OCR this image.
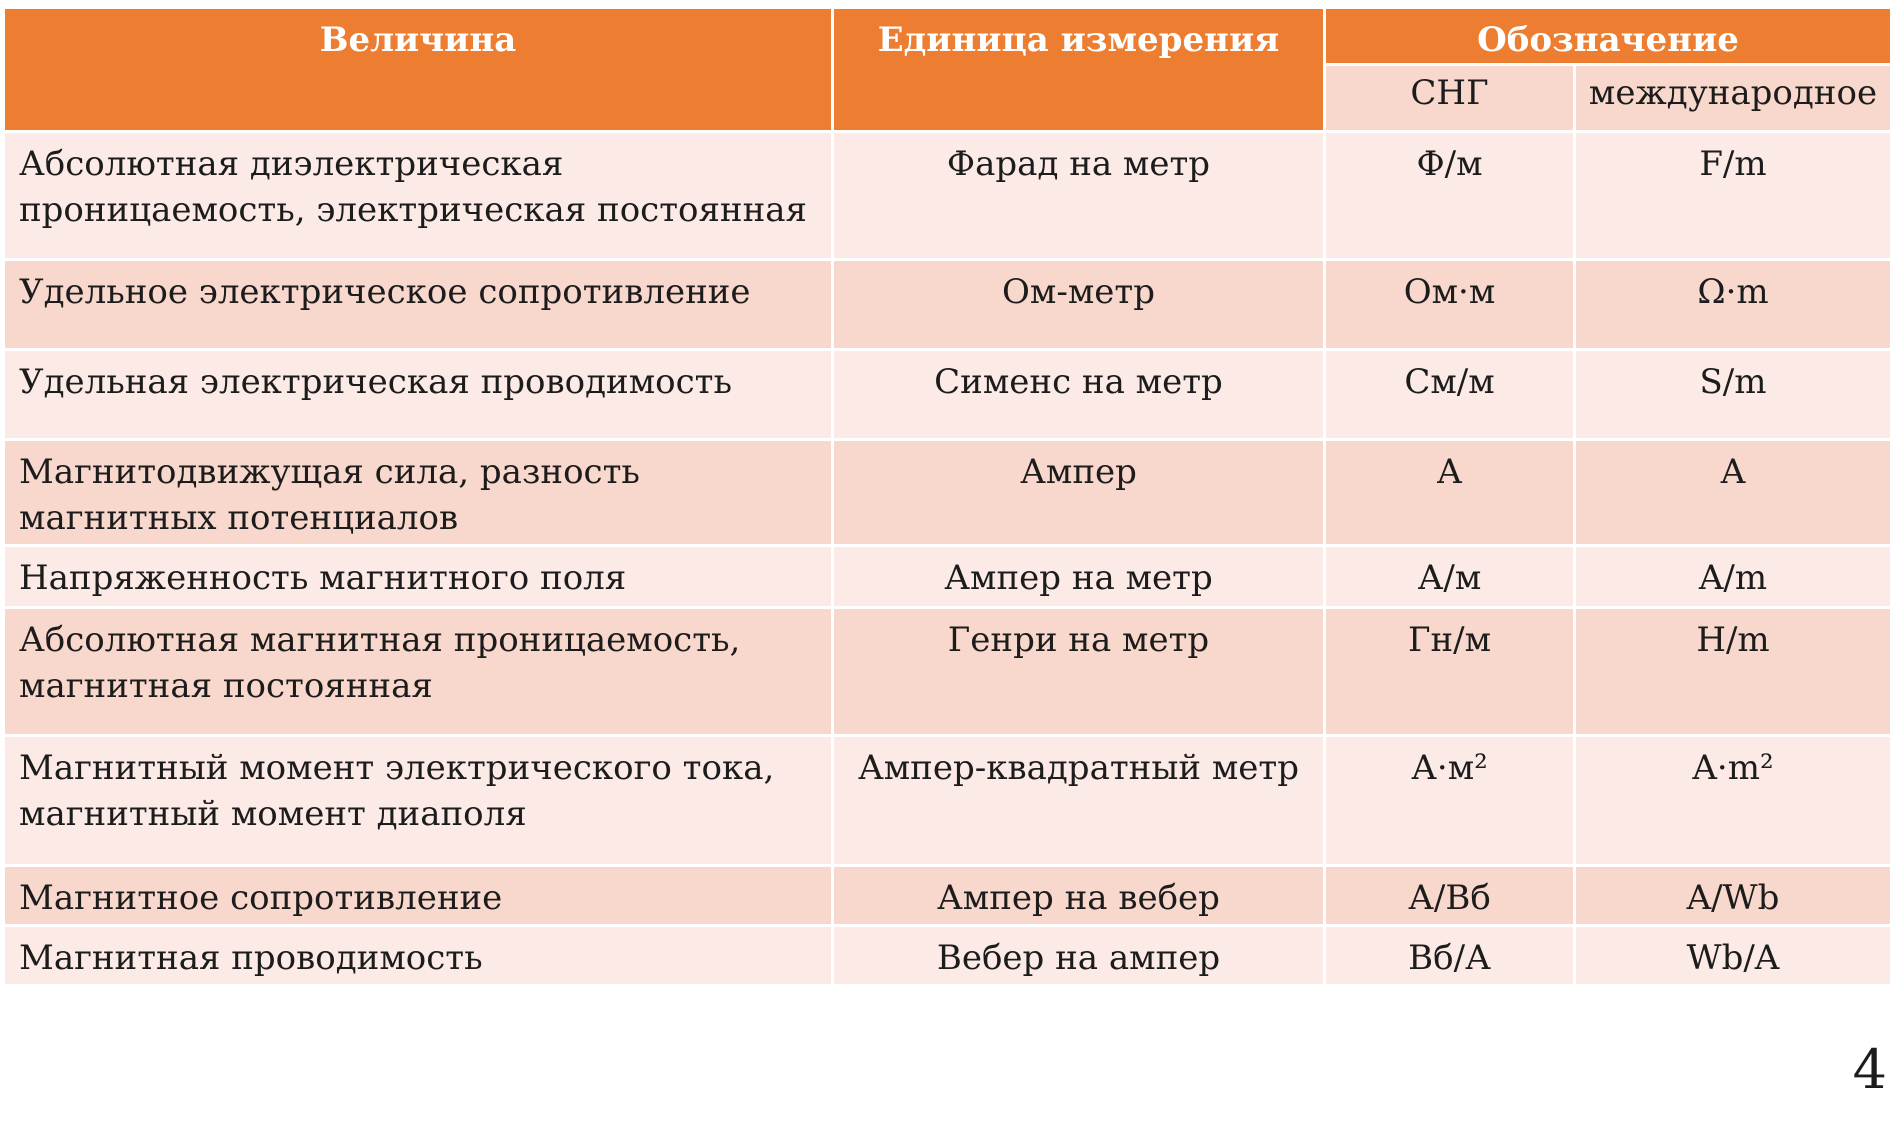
Величина	Единица измерения	Обозначение	
		СНГ	международное
Абсолютная диэлектрическая проницаемость, электрическая постоянная	Фарад на метр	Ф/м	F/m
Удельное электрическое сопротивление	Ом-метр	Ом·м	Ω·m
Удельная электрическая проводимость	Сименс на метр	См/м	S/m
Магнитодвижущая сила, разность магнитных потенциалов	Ампер	А	A
Напряженность магнитного поля	Ампер на метр	А/м	A/m
Абсолютная магнитная проницаемость, магнитная постоянная	Генри на метр	Гн/м	H/m
Магнитный момент электрического тока, магнитный момент диаполя	Ампер-квадратный метр	А·м²	A·m²
Магнитное сопротивление	Ампер на вебер	А/Вб	A/Wb
Магнитная проводимость	Вебер на ампер	Вб/А	Wb/A
4
